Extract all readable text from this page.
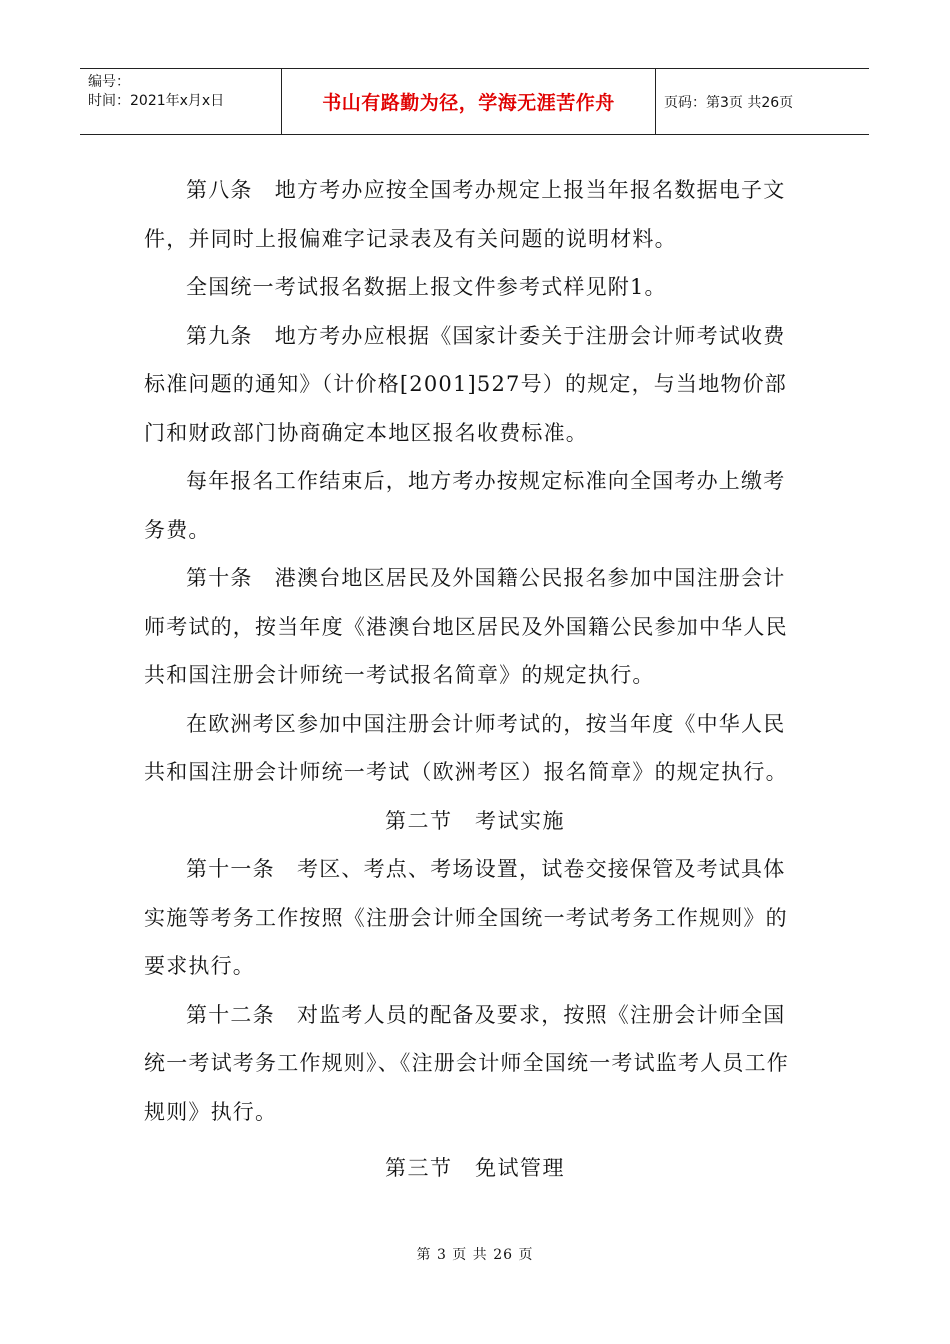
编号：
时间：2021年x月x日	书山有路勤为径，学海无涯苦作舟	页码：第3页 共26页

第八条　地方考办应按全国考办规定上报当年报名数据电子文件，并同时上报偏难字记录表及有关问题的说明材料。

全国统一考试报名数据上报文件参考式样见附1。

第九条　地方考办应根据《国家计委关于注册会计师考试收费标准问题的通知》（计价格[2001]527号）的规定，与当地物价部门和财政部门协商确定本地区报名收费标准。

每年报名工作结束后，地方考办按规定标准向全国考办上缴考务费。

第十条　港澳台地区居民及外国籍公民报名参加中国注册会计师考试的，按当年度《港澳台地区居民及外国籍公民参加中华人民共和国注册会计师统一考试报名简章》的规定执行。

在欧洲考区参加中国注册会计师考试的，按当年度《中华人民共和国注册会计师统一考试（欧洲考区）报名简章》的规定执行。

第二节　考试实施

第十一条　考区、考点、考场设置，试卷交接保管及考试具体实施等考务工作按照《注册会计师全国统一考试考务工作规则》的要求执行。

第十二条　对监考人员的配备及要求，按照《注册会计师全国统一考试考务工作规则》、《注册会计师全国统一考试监考人员工作规则》执行。

第三节　免试管理

第 3 页 共 26 页
